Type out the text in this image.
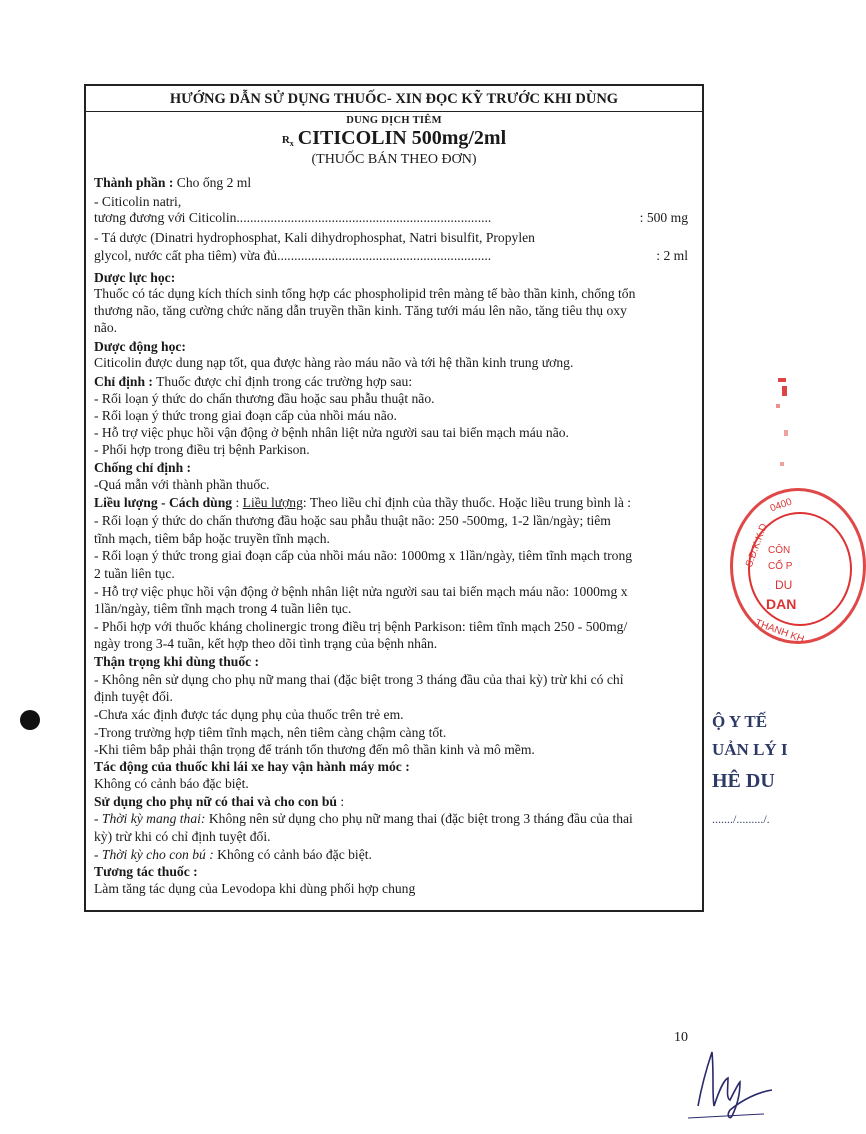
HƯỚNG DẪN SỬ DỤNG THUỐC- XIN ĐỌC KỸ TRƯỚC KHI DÙNG
DUNG DỊCH TIÊM
$^{R_x}$ CITICOLIN 500mg/2ml
(THUỐC BÁN THEO ĐƠN)
Thành phần : Cho ống 2 ml
- Citicolin natri,
tương đương với Citicolin...........................................................................	: 500 mg
- Tá dược (Dinatri hydrophosphat, Kali dihydrophosphat, Natri bisulfit, Propylen
glycol, nước cất pha tiêm) vừa đủ...............................................................	: 2 ml
Dược lực học:
Thuốc có tác dụng kích thích sinh tổng hợp các phospholipid trên màng tế bào thần kinh, chống tổn
thương não, tăng cường chức năng dẫn truyền thần kinh. Tăng tưới máu lên não, tăng tiêu thụ oxy
não.
Dược động học:
Citicolin được dung nạp tốt, qua được hàng rào máu não và tới hệ thần kinh trung ương.
Chỉ định : Thuốc được chỉ định trong các trường hợp sau:
- Rối loạn ý thức do chấn thương đầu hoặc sau phẫu thuật não.
- Rối loạn ý thức trong giai đoạn cấp của nhồi máu não.
- Hỗ trợ việc phục hồi vận động ở bệnh nhân liệt nửa người sau tai biến mạch máu não.
- Phối hợp trong điều trị bệnh Parkison.
Chống chỉ định :
-Quá mẫn với thành phần thuốc.
Liều lượng - Cách dùng : Liều lượng: Theo liều chỉ định của thầy thuốc. Hoặc liều trung bình là :
- Rối loạn ý thức do chấn thương đầu hoặc sau phẫu thuật não: 250 -500mg, 1-2 lần/ngày; tiêm
tĩnh mạch, tiêm bắp hoặc truyền tĩnh mạch.
- Rối loạn ý thức trong giai đoạn cấp của nhồi máu não: 1000mg x 1lần/ngày, tiêm tĩnh mạch trong
2 tuần liên tục.
- Hỗ trợ việc phục hồi vận động ở bệnh nhân liệt nửa người sau tai biến mạch máu não: 1000mg x
1lần/ngày, tiêm tĩnh mạch trong 4 tuần liên tục.
- Phối hợp với thuốc kháng cholinergic trong điều trị bệnh Parkison: tiêm tĩnh mạch 250 - 500mg/
ngày trong 3-4 tuần, kết hợp theo dõi tình trạng của bệnh nhân.
Thận trọng khi dùng thuốc :
- Không nên sử dụng cho phụ nữ mang thai (đặc biệt trong 3 tháng đầu của thai kỳ) trừ khi có chỉ
định tuyệt đối.
-Chưa xác định được tác dụng phụ của thuốc trên trẻ em.
-Trong trường hợp tiêm tĩnh mạch, nên tiêm càng chậm càng tốt.
-Khi tiêm bắp phải thận trọng để tránh tổn thương đến mô thần kinh và mô mềm.
Tác động của thuốc khi lái xe hay vận hành máy móc :
Không có cảnh báo đặc biệt.
Sử dụng cho phụ nữ có thai và cho con bú :
- Thời kỳ mang thai: Không nên sử dụng cho phụ nữ mang thai (đặc biệt trong 3 tháng đầu của thai
kỳ) trừ khi có chỉ định tuyệt đối.
- Thời kỳ cho con bú : Không có cảnh báo đặc biệt.
Tương tác thuốc :
Làm tăng tác dụng của Levodopa khi dùng phối hợp chung
Ộ Y TẾ
UẢN LÝ I
HÊ DU
......./........./.
S.Đ.K.K.D
0400
CÔN
CỔ P
DU
DAN
THANH KH
10
